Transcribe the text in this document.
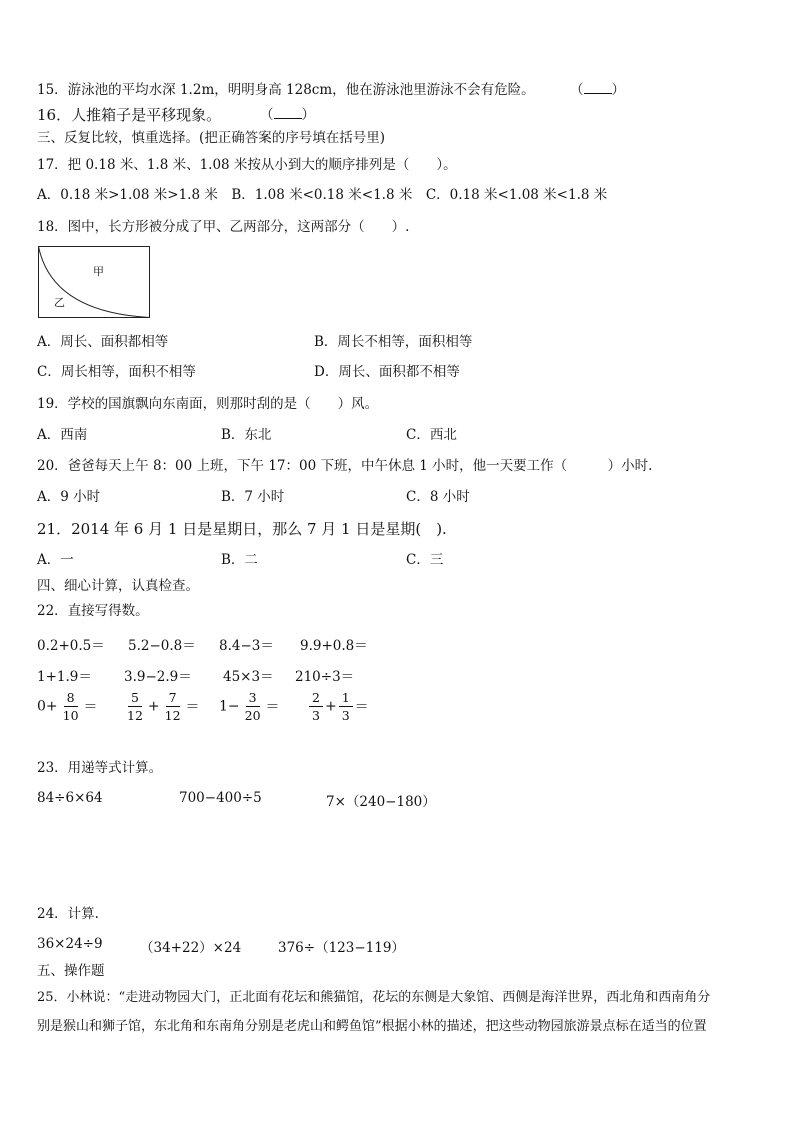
15．游泳池的平均水深 1.2m，明明身高 128cm，他在游泳池里游泳不会有危险。	（ ）
16．人推箱子是平移现象。	（ ）
三、反复比较，慎重选择。(把正确答案的序号填在括号里)
17．把 0.18 米、1.8 米、1.08 米按从小到大的顺序排列是（　　）。
A．0.18 米>1.08 米>1.8 米　B．1.08 米<0.18 米<1.8 米　C．0.18 米<1.08 米<1.8 米
18．图中，长方形被分成了甲、乙两部分，这两部分（　　）.
甲
乙
A．周长、面积都相等	B．周长不相等，面积相等
C．周长相等，面积不相等	D．周长、面积都不相等
19．学校的国旗飘向东南面，则那时刮的是（　　）风。
A．西南	B．东北	C．西北
20．爸爸每天上午 8：00 上班，下午 17：00 下班，中午休息 1 小时，他一天要工作（　　　）小时.
A．9 小时	B．7 小时	C．8 小时
21．2014 年 6 月 1 日是星期日，那么 7 月 1 日是星期(　).
A．一	B．二	C．三
四、细心计算，认真检查。
22．直接写得数。
0.2+0.5＝ 5.2−0.8＝ 8.4−3＝ 9.9+0.8＝
1+1.9＝ 3.9−2.9＝ 45×3＝ 210÷3＝
$0+ \frac{8}{10} = \frac{5}{12} + \frac{7}{12} = 1- \frac{3}{20} = \frac{2}{3} + \frac{1}{3}$ ＝
23．用递等式计算。
84÷6×64	700−400÷5	7×（240−180）
24．计算.
36×24÷9	（34+22）×24	376÷（123−119）
五、操作题
25．小林说：“走进动物园大门，正北面有花坛和熊猫馆，花坛的东侧是大象馆、西侧是海洋世界，西北角和西南角分
别是猴山和狮子馆，东北角和东南角分别是老虎山和鳄鱼馆”根据小林的描述，把这些动物园旅游景点标在适当的位置
